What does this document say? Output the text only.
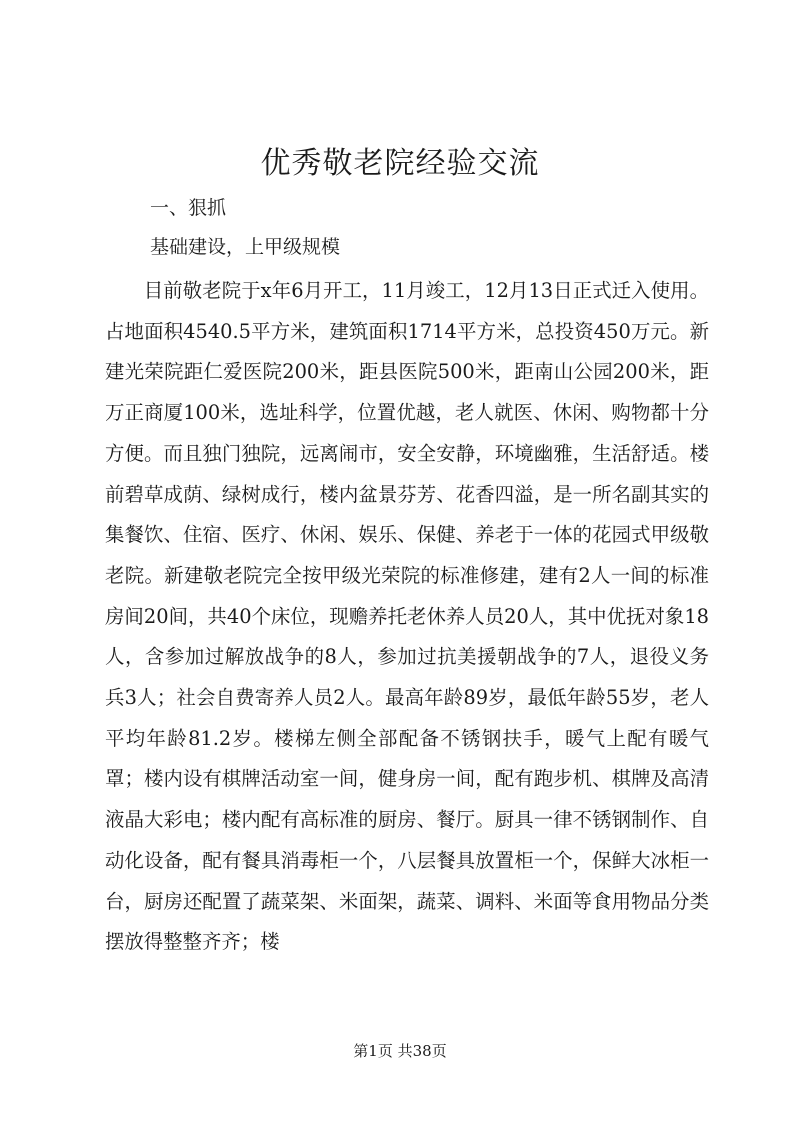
优秀敬老院经验交流
一、狠抓
基础建设，上甲级规模

目前敬老院于x年6月开工，11月竣工，12月13日正式迁入使用。占地面积4540.5平方米，建筑面积1714平方米，总投资450万元。新建光荣院距仁爱医院200米，距县医院500米，距南山公园200米，距万正商厦100米，选址科学，位置优越，老人就医、休闲、购物都十分方便。而且独门独院，远离闹市，安全安静，环境幽雅，生活舒适。楼前碧草成荫、绿树成行，楼内盆景芬芳、花香四溢，是一所名副其实的集餐饮、住宿、医疗、休闲、娱乐、保健、养老于一体的花园式甲级敬老院。新建敬老院完全按甲级光荣院的标准修建，建有2人一间的标准房间20间，共40个床位，现赡养托老休养人员20人，其中优抚对象18人，含参加过解放战争的8人，参加过抗美援朝战争的7人，退役义务兵3人；社会自费寄养人员2人。最高年龄89岁，最低年龄55岁，老人平均年龄81.2岁。楼梯左侧全部配备不锈钢扶手，暖气上配有暖气罩；楼内设有棋牌活动室一间，健身房一间，配有跑步机、棋牌及高清液晶大彩电；楼内配有高标准的厨房、餐厅。厨具一律不锈钢制作、自动化设备，配有餐具消毒柜一个，八层餐具放置柜一个，保鲜大冰柜一台，厨房还配置了蔬菜架、米面架，蔬菜、调料、米面等食用物品分类摆放得整整齐齐；楼

第1页 共38页
